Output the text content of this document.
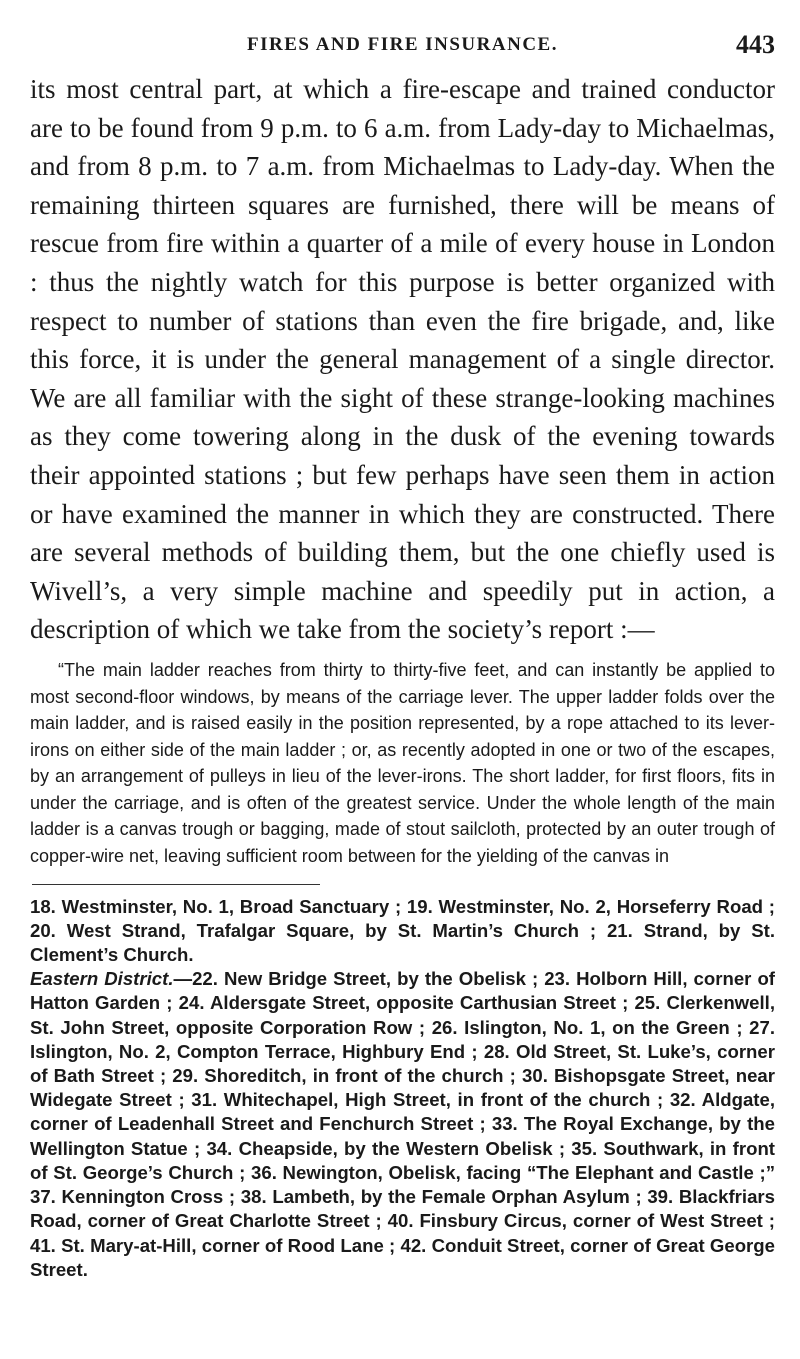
FIRES AND FIRE INSURANCE.	443

its most central part, at which a fire-escape and trained conductor are to be found from 9 p.m. to 6 a.m. from Lady-day to Michaelmas, and from 8 p.m. to 7 a.m. from Michaelmas to Lady-day. When the remaining thirteen squares are furnished, there will be means of rescue from fire within a quarter of a mile of every house in London : thus the nightly watch for this purpose is better organized with respect to number of stations than even the fire brigade, and, like this force, it is under the general management of a single director. We are all familiar with the sight of these strange-looking machines as they come towering along in the dusk of the evening towards their appointed stations ; but few perhaps have seen them in action or have examined the manner in which they are constructed. There are several methods of building them, but the one chiefly used is Wivell’s, a very simple machine and speedily put in action, a description of which we take from the society’s report :—

“The main ladder reaches from thirty to thirty-five feet, and can instantly be applied to most second-floor windows, by means of the carriage lever. The upper ladder folds over the main ladder, and is raised easily in the position represented, by a rope attached to its lever-irons on either side of the main ladder ; or, as recently adopted in one or two of the escapes, by an arrangement of pulleys in lieu of the lever-irons. The short ladder, for first floors, fits in under the carriage, and is often of the greatest service. Under the whole length of the main ladder is a canvas trough or bagging, made of stout sailcloth, protected by an outer trough of copper-wire net, leaving sufficient room between for the yielding of the canvas in

18. Westminster, No. 1, Broad Sanctuary ; 19. Westminster, No. 2, Horseferry Road ; 20. West Strand, Trafalgar Square, by St. Martin’s Church ; 21. Strand, by St. Clement’s Church.
Eastern District.—22. New Bridge Street, by the Obelisk ; 23. Holborn Hill, corner of Hatton Garden ; 24. Aldersgate Street, opposite Carthusian Street ; 25. Clerkenwell, St. John Street, opposite Corporation Row ; 26. Islington, No. 1, on the Green ; 27. Islington, No. 2, Compton Terrace, Highbury End ; 28. Old Street, St. Luke’s, corner of Bath Street ; 29. Shoreditch, in front of the church ; 30. Bishopsgate Street, near Widegate Street ; 31. Whitechapel, High Street, in front of the church ; 32. Aldgate, corner of Leadenhall Street and Fenchurch Street ; 33. The Royal Exchange, by the Wellington Statue ; 34. Cheapside, by the Western Obelisk ; 35. Southwark, in front of St. George’s Church ; 36. Newington, Obelisk, facing “The Elephant and Castle ;” 37. Kennington Cross ; 38. Lambeth, by the Female Orphan Asylum ; 39. Blackfriars Road, corner of Great Charlotte Street ; 40. Finsbury Circus, corner of West Street ; 41. St. Mary-at-Hill, corner of Rood Lane ; 42. Conduit Street, corner of Great George Street.
